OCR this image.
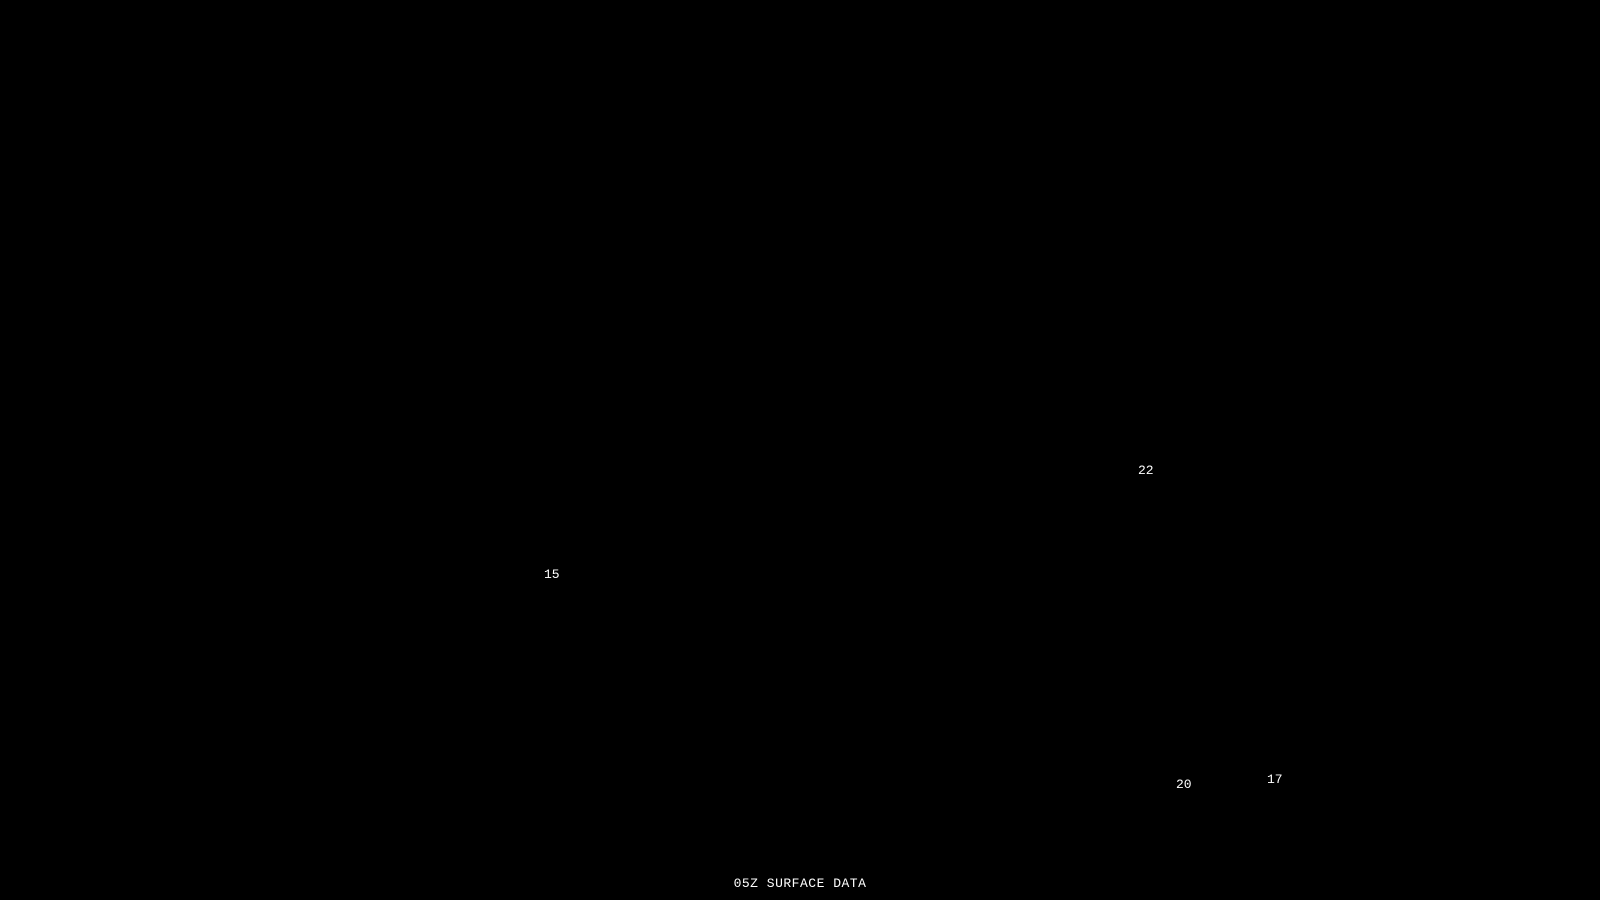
22
15
20	17
05Z SURFACE DATA
